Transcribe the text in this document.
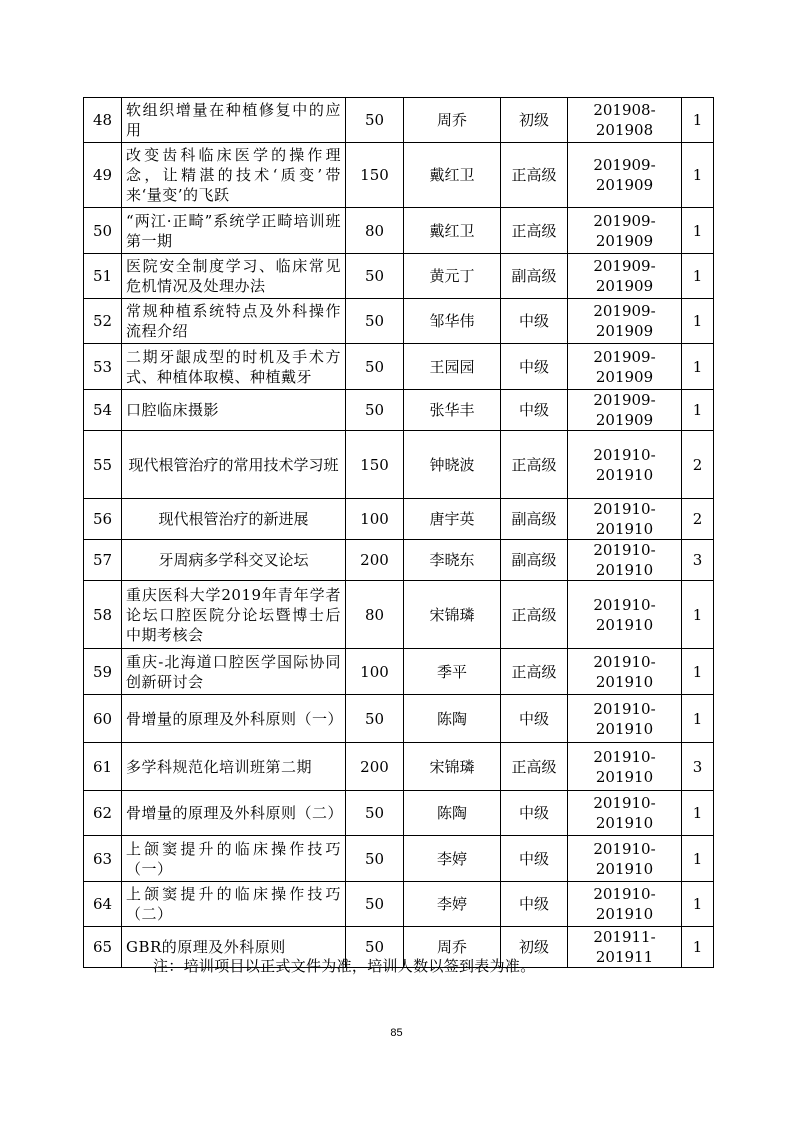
48	软组织增量在种植修复中的应用	50	周乔	初级	201908-201908	1
49	改变齿科临床医学的操作理念，让精湛的技术‘质变’带来‘量变’的飞跃	150	戴红卫	正高级	201909-201909	1
50	“两江·正畸”系统学正畸培训班第一期	80	戴红卫	正高级	201909-201909	1
51	医院安全制度学习、临床常见危机情况及处理办法	50	黄元丁	副高级	201909-201909	1
52	常规种植系统特点及外科操作流程介绍	50	邹华伟	中级	201909-201909	1
53	二期牙龈成型的时机及手术方式、种植体取模、种植戴牙	50	王园园	中级	201909-201909	1
54	口腔临床摄影	50	张华丰	中级	201909-201909	1
55	现代根管治疗的常用技术学习班	150	钟晓波	正高级	201910-201910	2
56	现代根管治疗的新进展	100	唐宇英	副高级	201910-201910	2
57	牙周病多学科交叉论坛	200	李晓东	副高级	201910-201910	3
58	重庆医科大学2019年青年学者论坛口腔医院分论坛暨博士后中期考核会	80	宋锦璘	正高级	201910-201910	1
59	重庆-北海道口腔医学国际协同创新研讨会	100	季平	正高级	201910-201910	1
60	骨增量的原理及外科原则（一）	50	陈陶	中级	201910-201910	1
61	多学科规范化培训班第二期	200	宋锦璘	正高级	201910-201910	3
62	骨增量的原理及外科原则（二）	50	陈陶	中级	201910-201910	1
63	上颌窦提升的临床操作技巧（一）	50	李婷	中级	201910-201910	1
64	上颌窦提升的临床操作技巧（二）	50	李婷	中级	201910-201910	1
65	GBR的原理及外科原则	50	周乔	初级	201911-201911	1
注：培训项目以正式文件为准，培训人数以签到表为准。
85
